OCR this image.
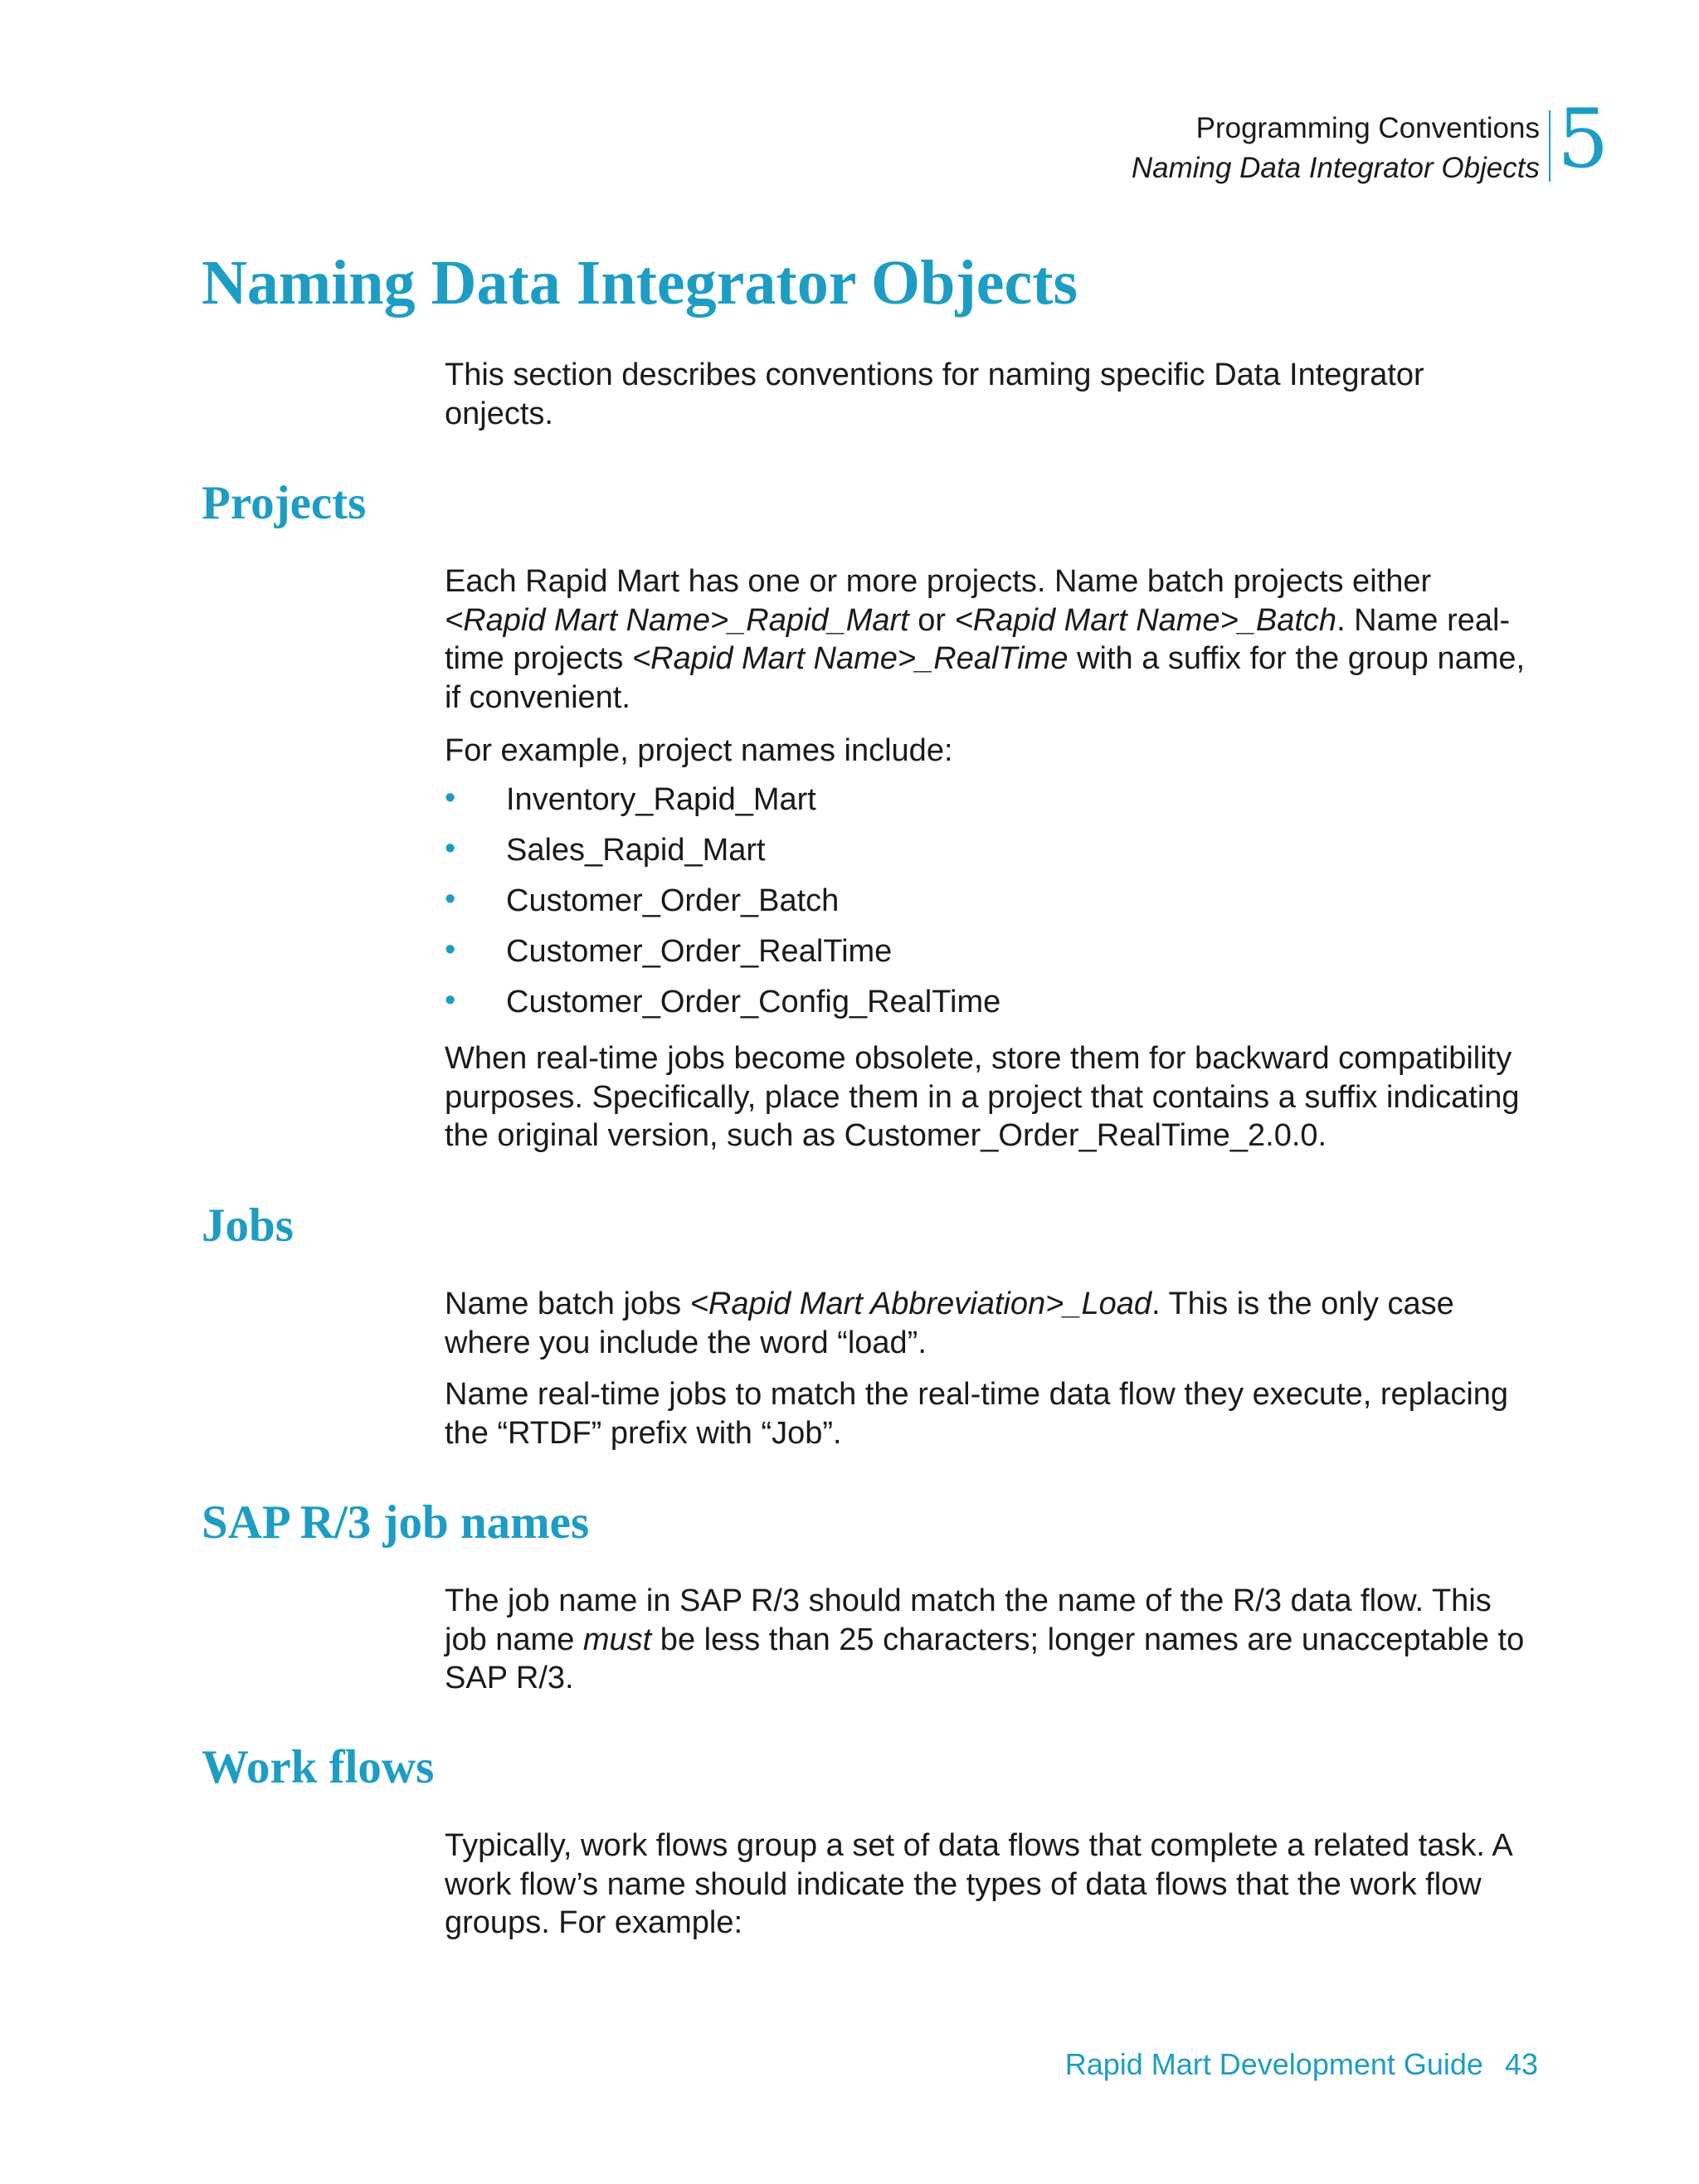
Programming Conventions
Naming Data Integrator Objects 5
Naming Data Integrator Objects

This section describes conventions for naming specific Data Integrator onjects.

Projects

Each Rapid Mart has one or more projects. Name batch projects either <Rapid Mart Name>_Rapid_Mart or <Rapid Mart Name>_Batch. Name real-time projects <Rapid Mart Name>_RealTime with a suffix for the group name, if convenient.

For example, project names include:

• Inventory_Rapid_Mart
• Sales_Rapid_Mart
• Customer_Order_Batch
• Customer_Order_RealTime
• Customer_Order_Config_RealTime

When real-time jobs become obsolete, store them for backward compatibility purposes. Specifically, place them in a project that contains a suffix indicating the original version, such as Customer_Order_RealTime_2.0.0.

Jobs

Name batch jobs <Rapid Mart Abbreviation>_Load. This is the only case where you include the word “load”.

Name real-time jobs to match the real-time data flow they execute, replacing the “RTDF” prefix with “Job”.

SAP R/3 job names

The job name in SAP R/3 should match the name of the R/3 data flow. This job name must be less than 25 characters; longer names are unacceptable to SAP R/3.

Work flows

Typically, work flows group a set of data flows that complete a related task. A work flow’s name should indicate the types of data flows that the work flow groups. For example:

Rapid Mart Development Guide 43
